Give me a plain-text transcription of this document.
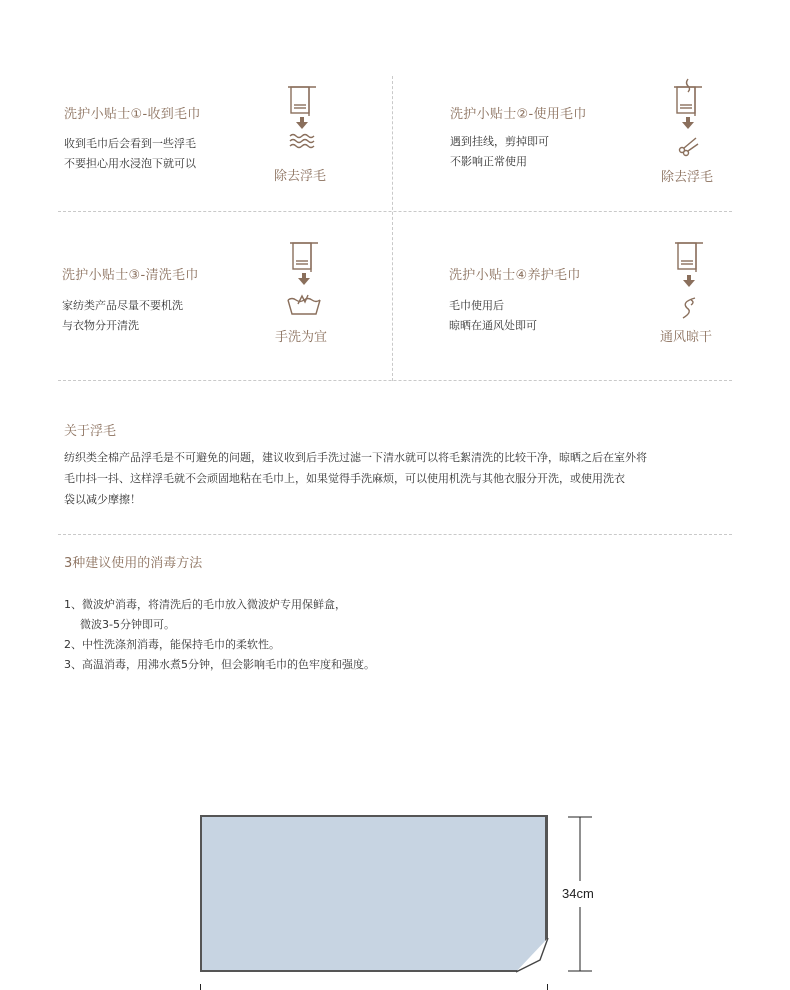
洗护小贴士①-收到毛巾
收到毛巾后会看到一些浮毛
不要担心用水浸泡下就可以
除去浮毛
洗护小贴士②-使用毛巾
遇到挂线，剪掉即可
不影响正常使用
除去浮毛
洗护小贴士③-清洗毛巾
家纺类产品尽量不要机洗
与衣物分开清洗
手洗为宜
洗护小贴士④养护毛巾
毛巾使用后
晾晒在通风处即可
通风晾干
关于浮毛
纺织类全棉产品浮毛是不可避免的问题，建议收到后手洗过滤一下清水就可以将毛絮清洗的比较干净，晾晒之后在室外将
毛巾抖一抖、这样浮毛就不会顽固地粘在毛巾上，如果觉得手洗麻烦，可以使用机洗与其他衣服分开洗，或使用洗衣
袋以减少摩擦！
3种建议使用的消毒方法
1、微波炉消毒，将清洗后的毛巾放入微波炉专用保鲜盒，
微波3-5分钟即可。
2、中性洗涤剂消毒，能保持毛巾的柔软性。
3、高温消毒，用沸水煮5分钟，但会影响毛巾的色牢度和强度。
34cm
